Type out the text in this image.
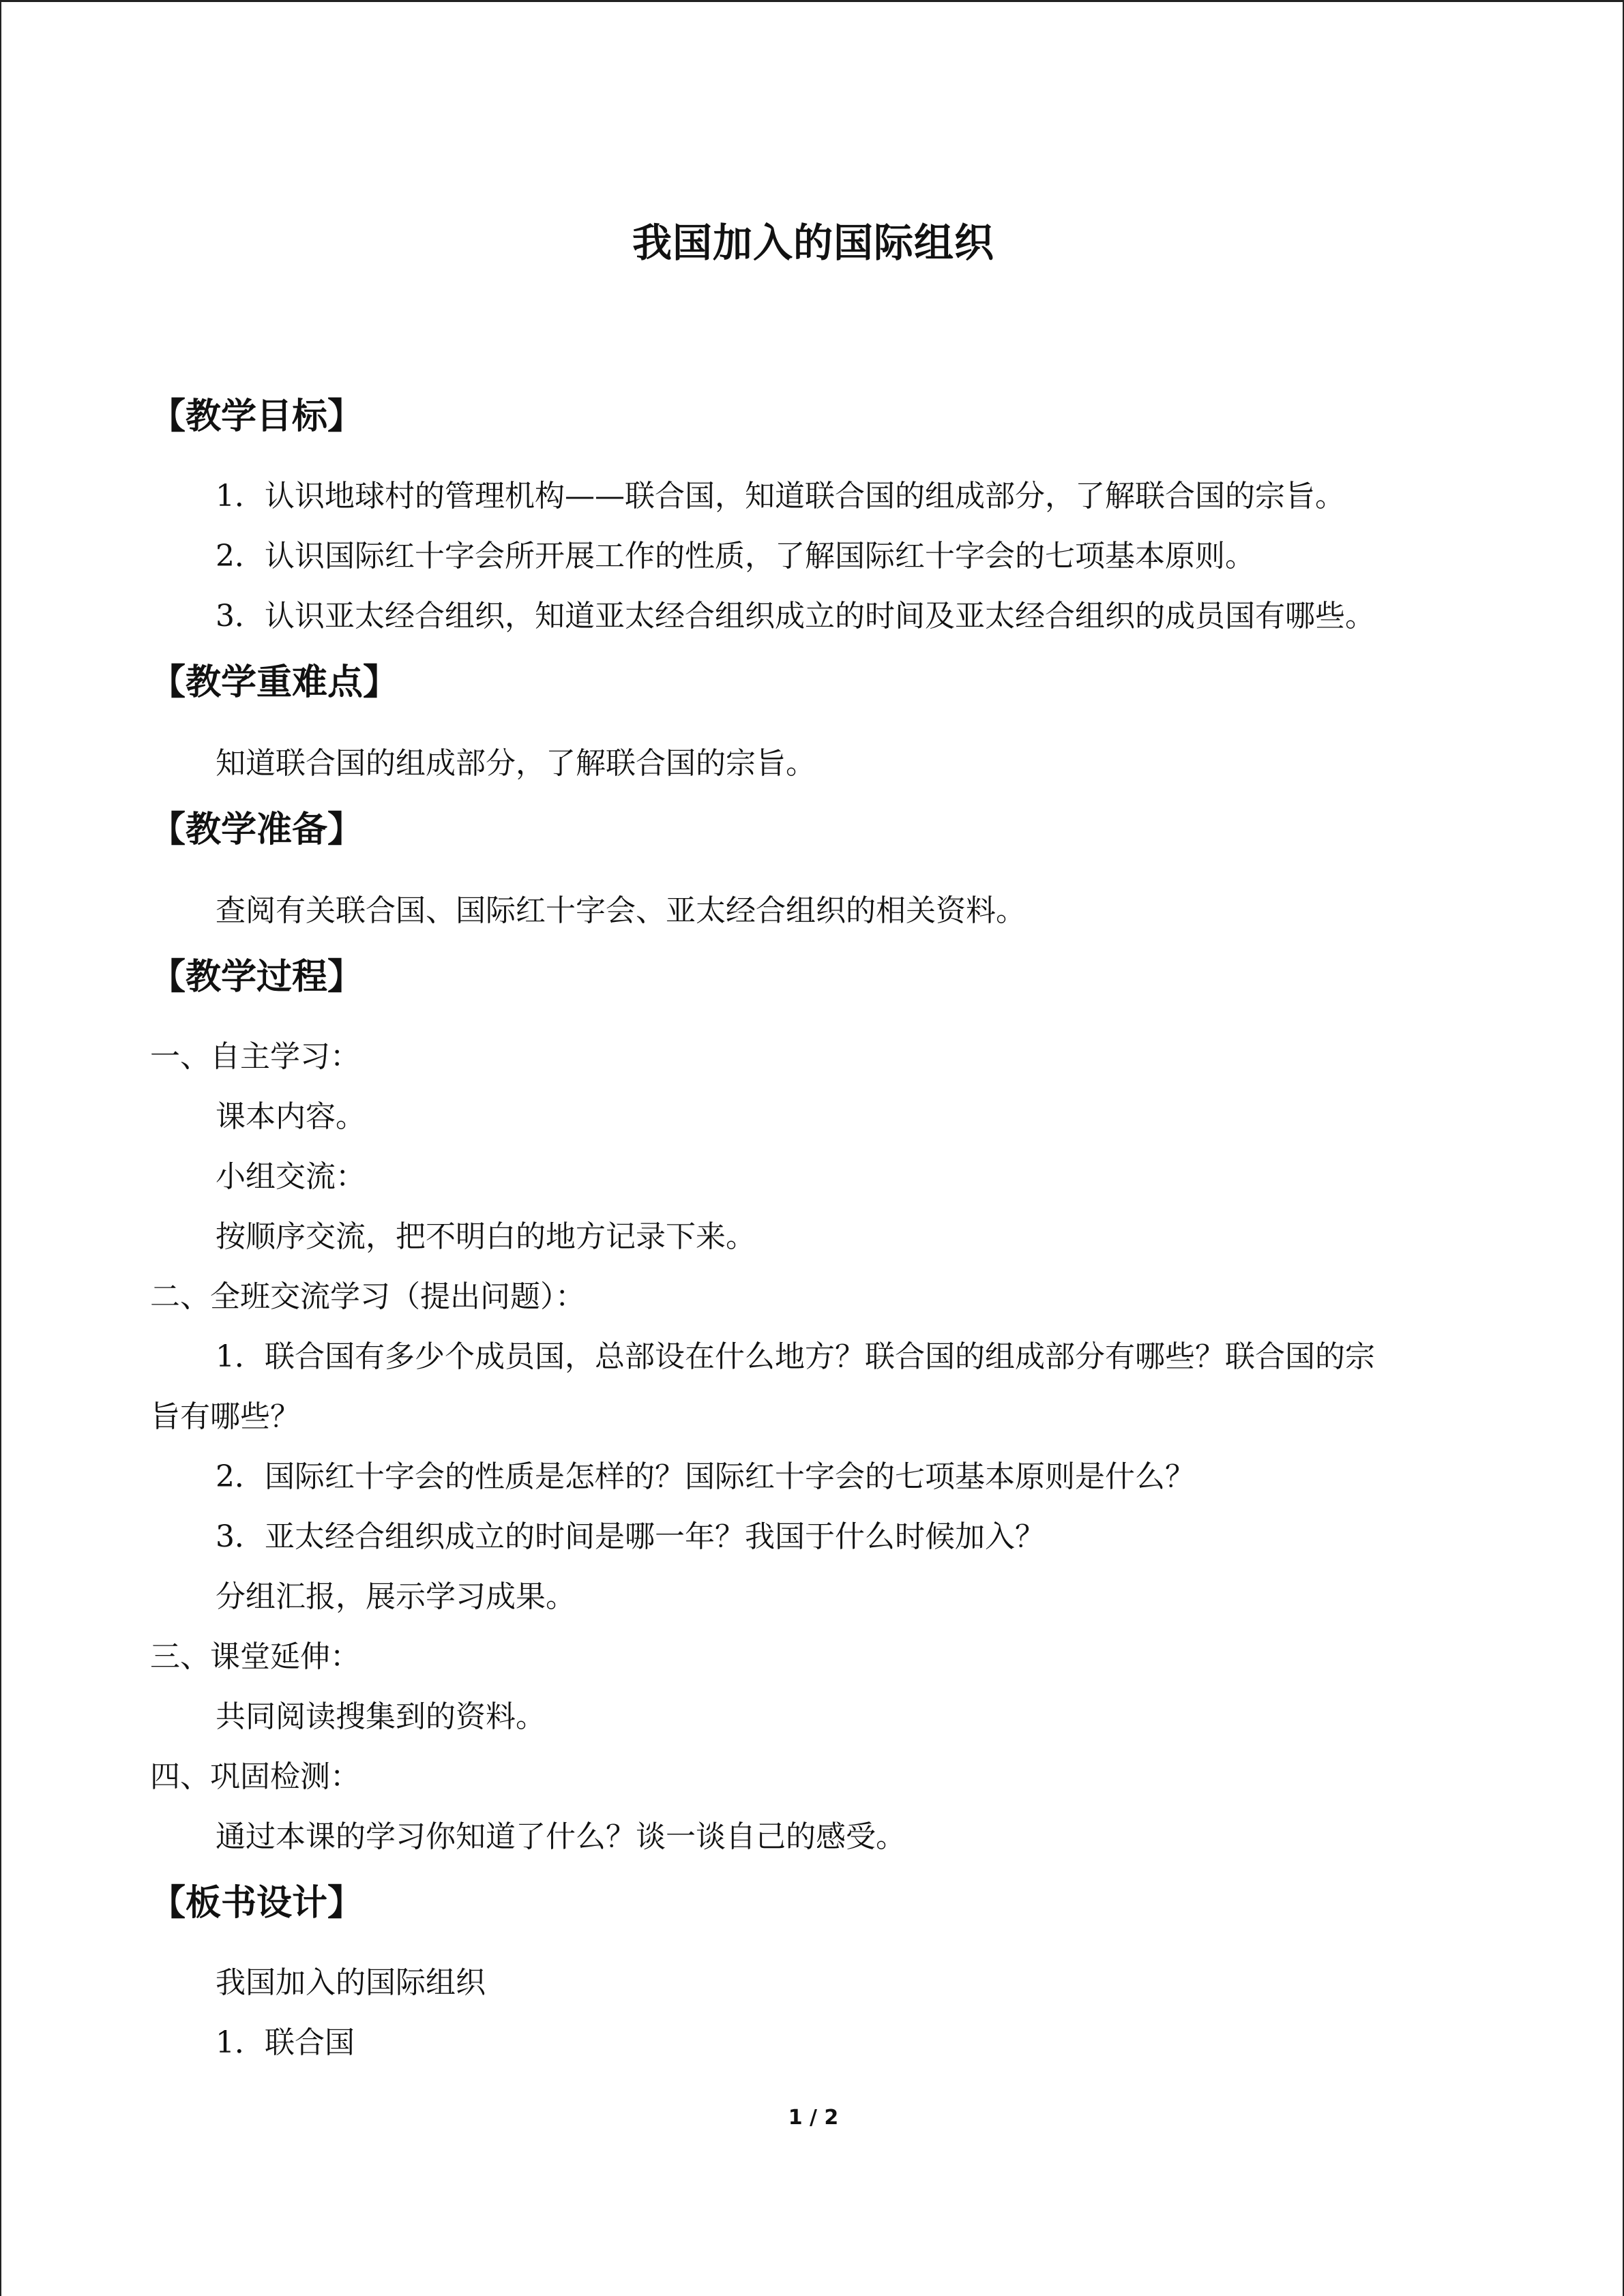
我国加入的国际组织
【教学目标】
1．认识地球村的管理机构——联合国，知道联合国的组成部分，了解联合国的宗旨。
2．认识国际红十字会所开展工作的性质，了解国际红十字会的七项基本原则。
3．认识亚太经合组织，知道亚太经合组织成立的时间及亚太经合组织的成员国有哪些。
【教学重难点】
知道联合国的组成部分，了解联合国的宗旨。
【教学准备】
查阅有关联合国、国际红十字会、亚太经合组织的相关资料。
【教学过程】
一、自主学习：
课本内容。
小组交流：
按顺序交流，把不明白的地方记录下来。
二、全班交流学习（提出问题）：
1．联合国有多少个成员国，总部设在什么地方？联合国的组成部分有哪些？联合国的宗
旨有哪些？
2．国际红十字会的性质是怎样的？国际红十字会的七项基本原则是什么？
3．亚太经合组织成立的时间是哪一年？我国于什么时候加入？
分组汇报，展示学习成果。
三、课堂延伸：
共同阅读搜集到的资料。
四、巩固检测：
通过本课的学习你知道了什么？谈一谈自己的感受。
【板书设计】
我国加入的国际组织
1．联合国
1 / 2
